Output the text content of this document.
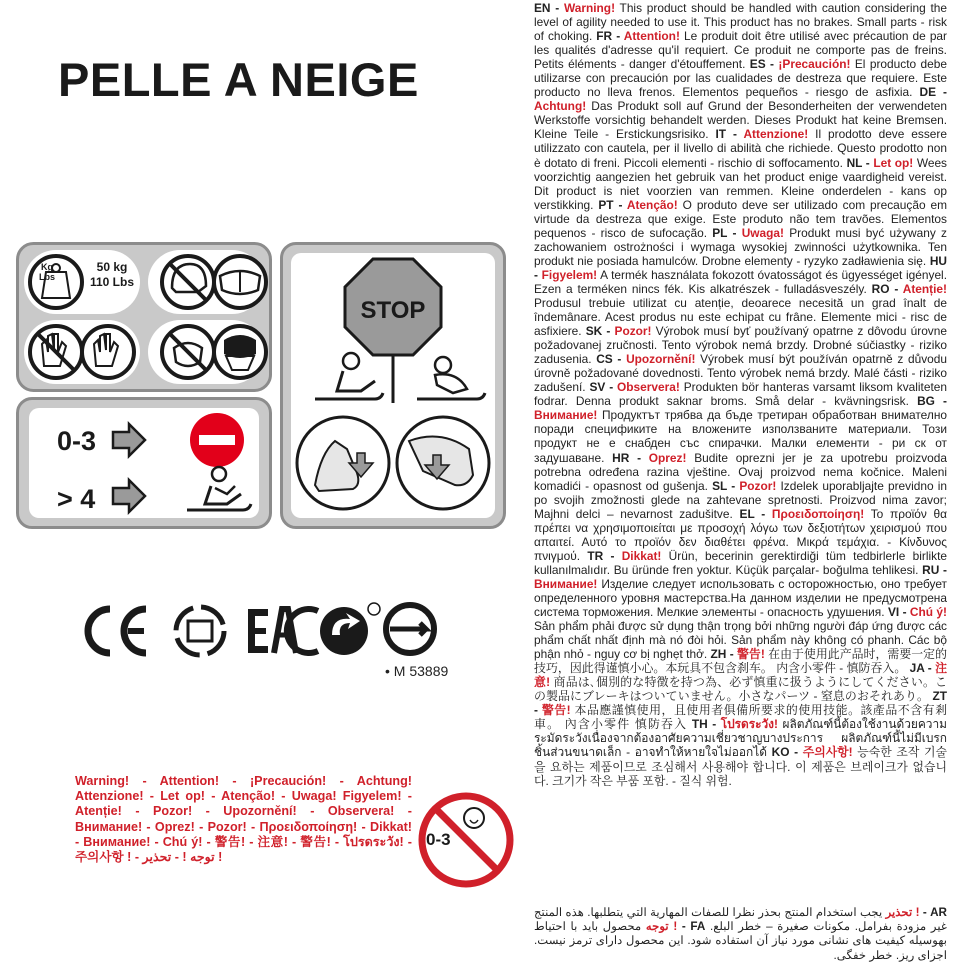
PELLE A NEIGE
Kg
Lbs
50 kg
110 Lbs
0-3
> 4
STOP
• M 53889
Warning! - Attention! - ¡Precaución! - Achtung! Attenzione! - Let op! - Atenção! - Uwaga! Figyelem! - Atenție! - Pozor! - Upozornění! - Observera! - Внимание! - Oprez! - Pozor! - Προειδοποίηση! - Dikkat! - Внимание! - Chú ý! - 警告! - 注意! - 警告! - โปรดระวัง! - 주의사항 ! - توجه ! - تحذير !
0-3
EN - Warning! This product should be handled with caution considering the level of agility needed to use it. This product has no brakes. Small parts - risk of choking. FR - Attention! Le produit doit être utilisé avec précaution de par les qualités d'adresse qu'il requiert. Ce produit ne comporte pas de freins. Petits éléments - danger d'étouffement. ES - ¡Precaución! El producto debe utilizarse con precaución por las cualidades de destreza que requiere. Este producto no lleva frenos. Elementos pequeños - riesgo de asfixia. DE - Achtung! Das Produkt soll auf Grund der Besonderheiten der verwendeten Werkstoffe vorsichtig behandelt werden. Dieses Produkt hat keine Bremsen. Kleine Teile - Erstickungsrisiko. IT - Attenzione! Il prodotto deve essere utilizzato con cautela, per il livello di abilità che richiede. Questo prodotto non è dotato di freni. Piccoli elementi - rischio di soffocamento. NL - Let op! Wees voorzichtig aangezien het gebruik van het product enige vaardigheid vereist. Dit product is niet voorzien van remmen. Kleine onderdelen - kans op verstikking. PT - Atenção! O produto deve ser utilizado com precaução em virtude da destreza que exige. Este produto não tem travões. Elementos pequenos - risco de sufocação. PL - Uwaga! Produkt musi być używany z zachowaniem ostrożności i wymaga wysokiej zwinności użytkownika. Ten produkt nie posiada hamulców. Drobne elementy - ryzyko zadławienia się. HU - Figyelem! A termék használata fokozott óvatosságot és ügyességet igényel. Ezen a terméken nincs fék. Kis alkatrészek - fulladásveszély. RO - Atenție! Produsul trebuie utilizat cu atenție, deoarece necesită un grad înalt de îndemânare. Acest produs nu este echipat cu frâne. Elemente mici - risc de asfixiere. SK - Pozor! Výrobok musí byť používaný opatrne z dôvodu úrovne požadovanej zručnosti. Tento výrobok nemá brzdy. Drobné súčiastky - riziko zadusenia. CS - Upozornění! Výrobek musí být používán opatrně z důvodu úrovně požadované dovednosti. Tento výrobek nemá brzdy. Malé části - riziko zadušení. SV - Observera! Produkten bör hanteras varsamt liksom kvaliteten fodrar. Denna produkt saknar broms. Små delar - kvävningsrisk. BG - Внимание! Продуктът трябва да бъде третиран обработван внимателно поради спецификите на вложените използваните материали. Този продукт не е снабден със спирачки. Малки елементи - ри ск от задушаване. HR - Oprez! Budite oprezni jer je za upotrebu proizvoda potrebna određena razina vještine. Ovaj proizvod nema kočnice. Maleni komadići - opasnost od gušenja. SL - Pozor! Izdelek uporabljajte previdno in po svojih zmožnosti glede na zahtevane spretnosti. Proizvod nima zavor; Majhni delci – nevarnost zadušitve. EL - Προειδοποίηση! Το προϊόν θα πρέπει να χρησιμοποιείται με προσοχή λόγω των δεξιοτήτων χειρισμού που απαιτεί. Αυτό το προϊόν δεν διαθέτει φρένα. Μικρά τεμάχια. - Κίνδυνος πνιγμού. TR - Dikkat! Ürün, becerinin gerektirdiği tüm tedbirlerle birlikte kullanılmalıdır. Bu üründe fren yoktur. Küçük parçalar- boğulma tehlikesi. RU - Внимание! Изделие следует использовать с осторожностью, оно требует определенного уровня мастерства.На данном изделии не предусмотрена система торможения. Мелкие элементы - опасность удушения. VI - Chú ý! Sản phẩm phải được sử dụng thận trọng bởi những người đáp ứng được các phẩm chất nhất định mà nó đòi hỏi. Sản phẩm này không có phanh. Các bộ phận nhỏ - nguy cơ bị nghẹt thở. ZH - 警告! 在由于使用此产品时，需要一定的技巧，因此得谨慎小心。本玩具不包含刹车。 内含小零件 - 慎防吞入。 JA - 注意! 商品は､個別的な特徴を持つ為、必ず慎重に扱うようにしてください。この製品にブレーキはついていません。小さなパーツ - 窒息のおそれあり。 ZT - 警告! 本品應謹慎使用，且使用者俱備所要求的使用技能。該產品不含有剎車。 內含小零件 慎防吞入 TH - โปรดระวัง! ผลิตภัณฑ์นี้ต้องใช้งานด้วยความระมัดระวังเนื่องจากต้องอาศัยความเชี่ยวชาญบางประการ ผลิตภัณฑ์นี้ไม่มีเบรก ชิ้นส่วนขนาดเล็ก - อาจทำให้หายใจไม่ออกได้ KO - 주의사항! 능숙한 조작 기술을 요하는 제품이므로 조심해서 사용해야 합니다. 이 제품은 브레이크가 없습니다. 크기가 작은 부품 포함. - 질식 위험.
AR - ! تحذير يجب استخدام المنتج بحذر نظرا للصفات المهارية التي يتطلبها. هذه المنتج غير مزودة بفرامل. مكونات صغيرة – خطر البلع. FA - ! توجه محصول باید با احتیاط بهوسیله کیفیت های نشانی مورد نیاز آن استفاده شود. این محصول دارای ترمز نیست. اجزای ریز. خطر خفگی.
